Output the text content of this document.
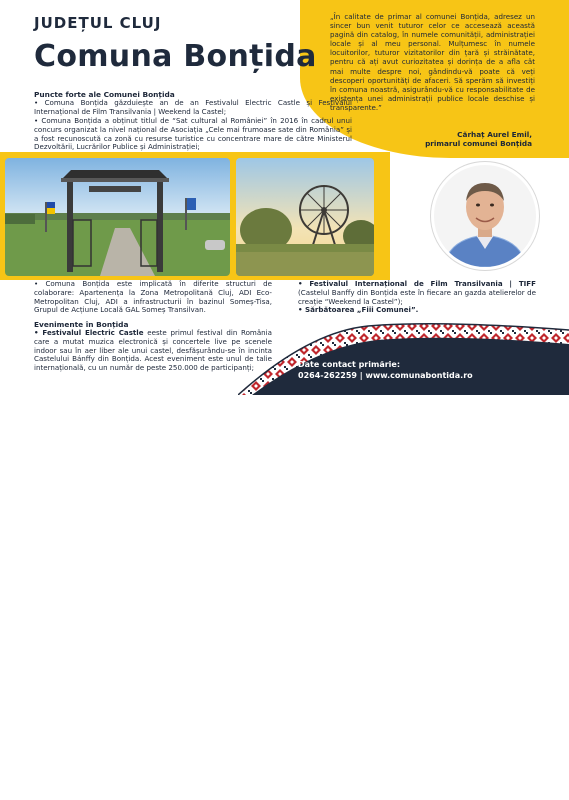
„În calitate de primar al comunei Bonțida, adresez un sincer bun venit tuturor celor ce accesează această pagină din catalog, în numele comunității, administrației locale și al meu personal. Mulțumesc în numele locuitorilor, tuturor vizitatorilor din țară și străinătate, pentru că ați avut curiozitatea și dorința de a afla cât mai multe despre noi, gândindu-vă poate că veți descoperi oportunități de afaceri. Să sperăm să investiți în comuna noastră, asigurându-vă cu responsabilitate de existența unei administrații publice locale deschise și transparente.”
Cărhaț Aurel Emil,
primarul comunei Bonțida
JUDEȚUL CLUJ
Comuna Bonțida
Puncte forte ale Comunei Bonțida
• Comuna Bonțida găzduiește an de an Festivalul Electric Castle și Festivalul Internațional de Film Transilvania | Weekend la Castel;
• Comuna Bonțida a obținut titlul de “Sat cultural al României” în 2016 în cadrul unui concurs organizat la nivel național de Asociația „Cele mai frumoase sate din România” și a fost recunoscută ca zonă cu resurse turistice cu concentrare mare de către Ministerul Dezvoltării, Lucrărilor Publice și Administrației;
• Comuna Bonțida este implicată în diferite structuri de colaborare: Apartenența la Zona Metropolitană Cluj, ADI Eco-Metropolitan Cluj, ADI a infrastructurii în bazinul Someș-Tisa, Grupul de Acțiune Locală GAL Someș Transilvan.
Evenimente în Bonțida
• Festivalul Electric Castle eeste primul festival din România care a mutat muzica electronică și concertele live pe scenele indoor sau în aer liber ale unui castel, desfășurându-se în incinta Castelului Bánffy din Bonțida. Acest eveniment este unul de talie internațională, cu un număr de peste 250.000 de participanți;
• Festivalul Internațional de Film Transilvania | TIFF (Castelul Banffy din Bonțida este în fiecare an gazda atelierelor de creație “Weekend la Castel”);
• Sărbătoarea „Fiii Comunei”.
Date contact primărie:
0264-262259 | www.comunabontida.ro
